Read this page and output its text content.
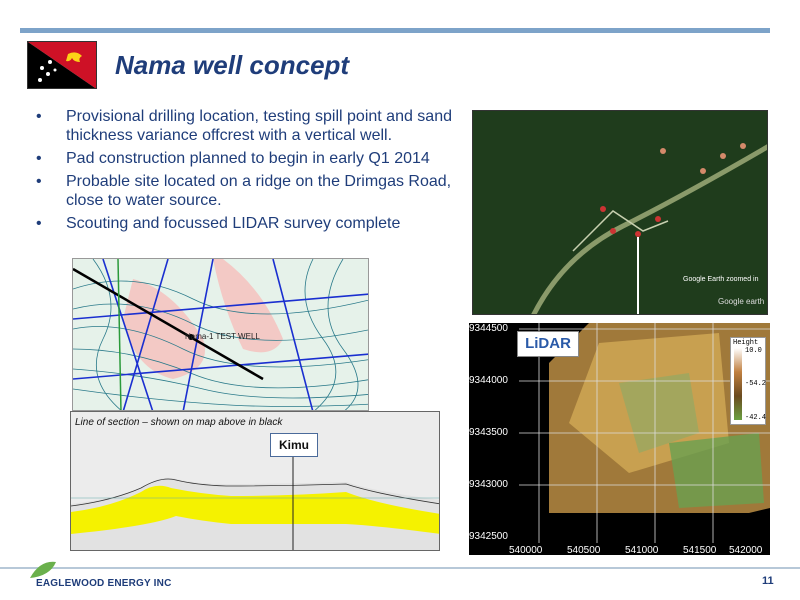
Nama well concept
• Provisional drilling location, testing spill point and sand thickness variance offcrest with a vertical well.
• Pad construction planned to begin in early Q1 2014
• Probable site located on a ridge on the Drimgas Road, close to water source.
• Scouting and focussed LIDAR survey complete
Nama-1 TEST WELL
Line of section – shown on map above in black
Kimu
Google Earth zoomed in
Google earth
LiDAR
9344500
9344000
9343500
9343000
9342500
540000 540500 541000 541500 542000
Height
10.0
-54.2
-42.4
EAGLEWOOD ENERGY INC	11
